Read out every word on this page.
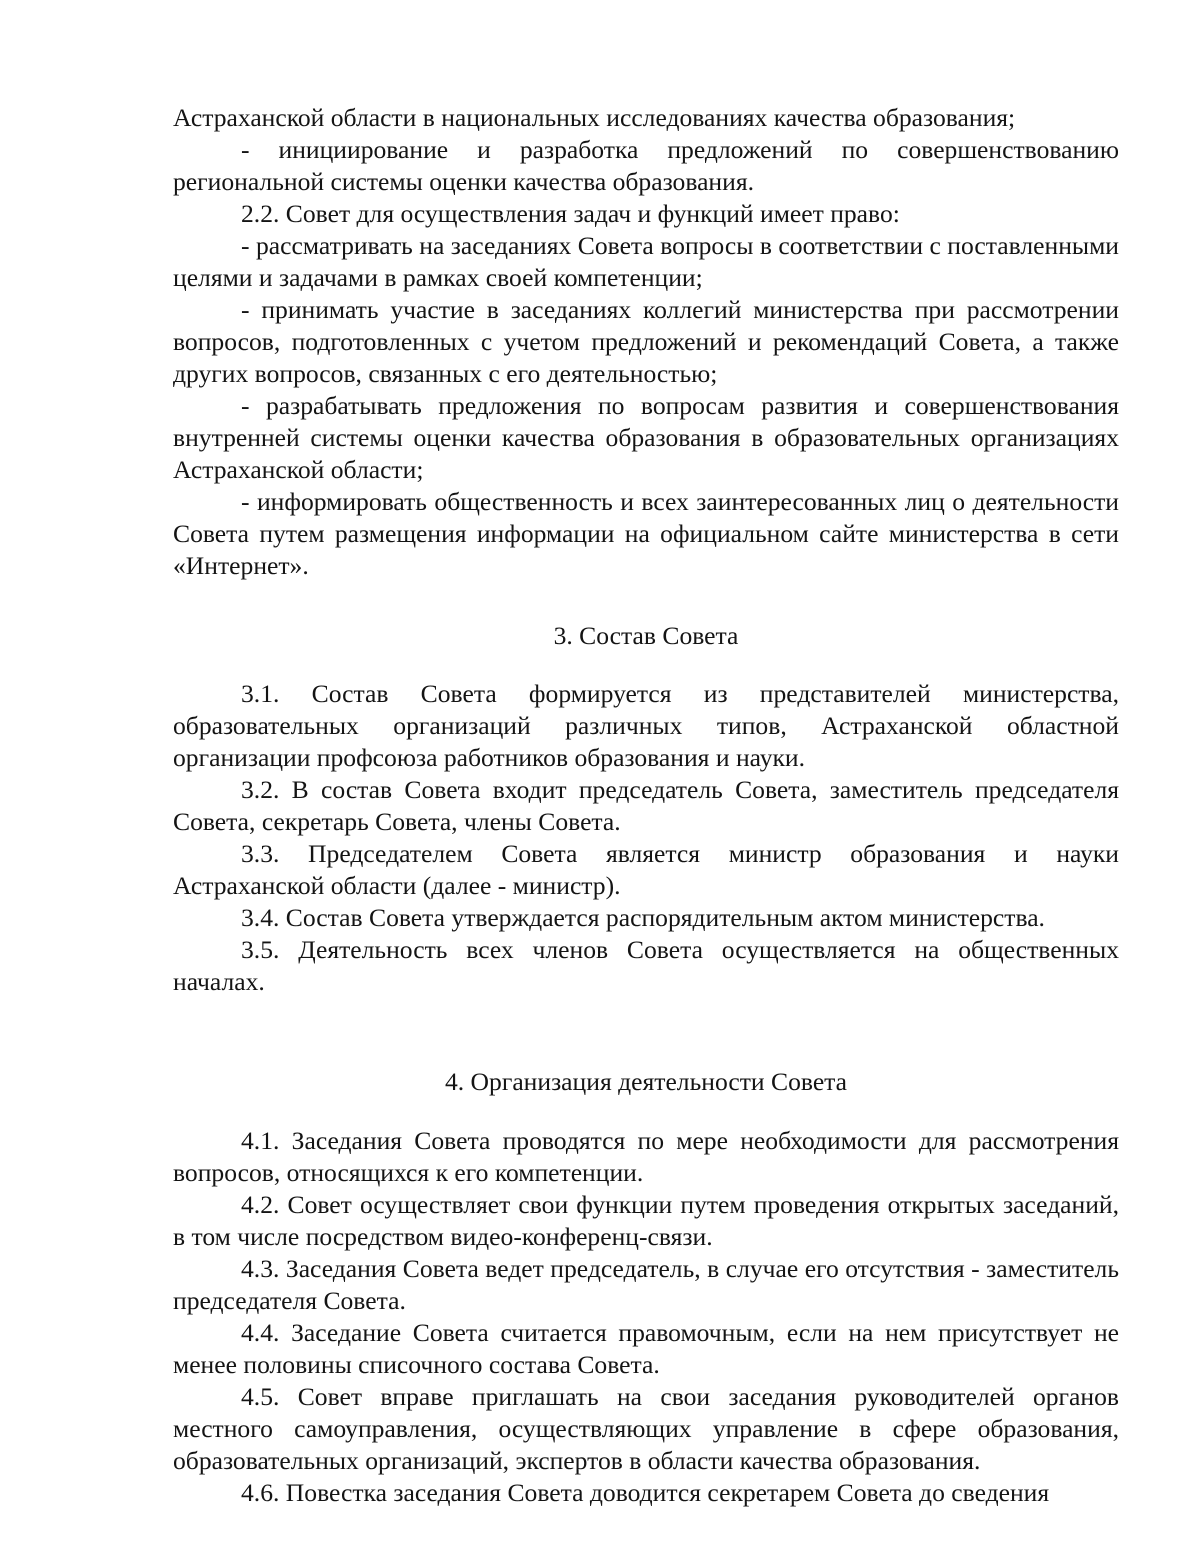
Астраханской области в национальных исследованиях качества образования;

- инициирование и разработка предложений по совершенствованию региональной системы оценки качества образования.

2.2. Совет для осуществления задач и функций имеет право:

- рассматривать на заседаниях Совета вопросы в соответствии с поставленными целями и задачами в рамках своей компетенции;

- принимать участие в заседаниях коллегий министерства при рассмотрении вопросов, подготовленных с учетом предложений и рекомендаций Совета, а также других вопросов, связанных с его деятельностью;

- разрабатывать предложения по вопросам развития и совершенствования внутренней системы оценки качества образования в образовательных организациях Астраханской области;

- информировать общественность и всех заинтересованных лиц о деятельности Совета путем размещения информации на официальном сайте министерства в сети «Интернет».

3. Состав Совета

3.1. Состав Совета формируется из представителей министерства, образовательных организаций различных типов, Астраханской областной организации профсоюза работников образования и науки.

3.2. В состав Совета входит председатель Совета, заместитель председателя Совета, секретарь Совета, члены Совета.

3.3. Председателем Совета является министр образования и науки Астраханской области (далее - министр).

3.4. Состав Совета утверждается распорядительным актом министерства.

3.5. Деятельность всех членов Совета осуществляется на общественных началах.

4. Организация деятельности Совета

4.1. Заседания Совета проводятся по мере необходимости для рассмотрения вопросов, относящихся к его компетенции.

4.2. Совет осуществляет свои функции путем проведения открытых заседаний, в том числе посредством видео-конференц-связи.

4.3. Заседания Совета ведет председатель, в случае его отсутствия - заместитель председателя Совета.

4.4. Заседание Совета считается правомочным, если на нем присутствует не менее половины списочного состава Совета.

4.5. Совет вправе приглашать на свои заседания руководителей органов местного самоуправления, осуществляющих управление в сфере образования, образовательных организаций, экспертов в области качества образования.

4.6. Повестка заседания Совета доводится секретарем Совета до сведения
